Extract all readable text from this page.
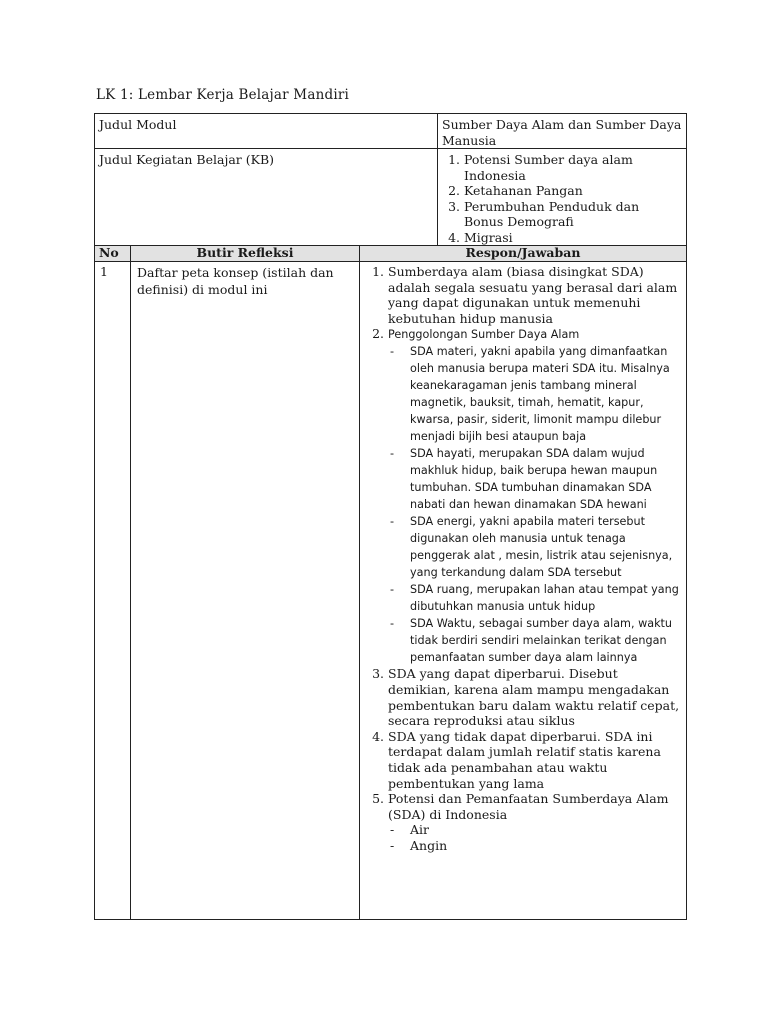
LK 1: Lembar Kerja Belajar Mandiri
Judul Modul	Sumber Daya Alam dan Sumber Daya Manusia
Judul Kegiatan Belajar (KB)
1.	Potensi Sumber daya alam Indonesia
2. Ketahanan Pangan
3. Perumbuhan Penduduk dan Bonus Demografi
4. Migrasi
No	Butir Refleksi	Respon/Jawaban
1	Daftar peta konsep (istilah dan definisi) di modul ini
1. Sumberdaya alam (biasa disingkat SDA) adalah segala sesuatu yang berasal dari alam yang dapat digunakan untuk memenuhi kebutuhan hidup manusia
2. Penggolongan Sumber Daya Alam
- SDA materi, yakni apabila yang dimanfaatkan oleh manusia berupa materi SDA itu. Misalnya keanekaragaman jenis tambang mineral magnetik, bauksit, timah, hematit, kapur, kwarsa, pasir, siderit, limonit mampu dilebur menjadi bijih besi ataupun baja
- SDA hayati, merupakan SDA dalam wujud makhluk hidup, baik berupa hewan maupun tumbuhan. SDA tumbuhan dinamakan SDA nabati dan hewan dinamakan SDA hewani
- SDA energi, yakni apabila materi tersebut digunakan oleh manusia untuk tenaga penggerak alat , mesin, listrik atau sejenisnya, yang terkandung dalam SDA tersebut
- SDA ruang, merupakan lahan atau tempat yang dibutuhkan manusia untuk hidup
- SDA Waktu, sebagai sumber daya alam, waktu tidak berdiri sendiri melainkan terikat dengan pemanfaatan sumber daya alam lainnya
3. SDA yang dapat diperbarui. Disebut demikian, karena alam mampu mengadakan pembentukan baru dalam waktu relatif cepat, secara reproduksi atau siklus
4. SDA yang tidak dapat diperbarui. SDA ini terdapat dalam jumlah relatif statis karena tidak ada penambahan atau waktu pembentukan yang lama
5. Potensi dan Pemanfaatan Sumberdaya Alam (SDA) di Indonesia
- Air
- Angin
